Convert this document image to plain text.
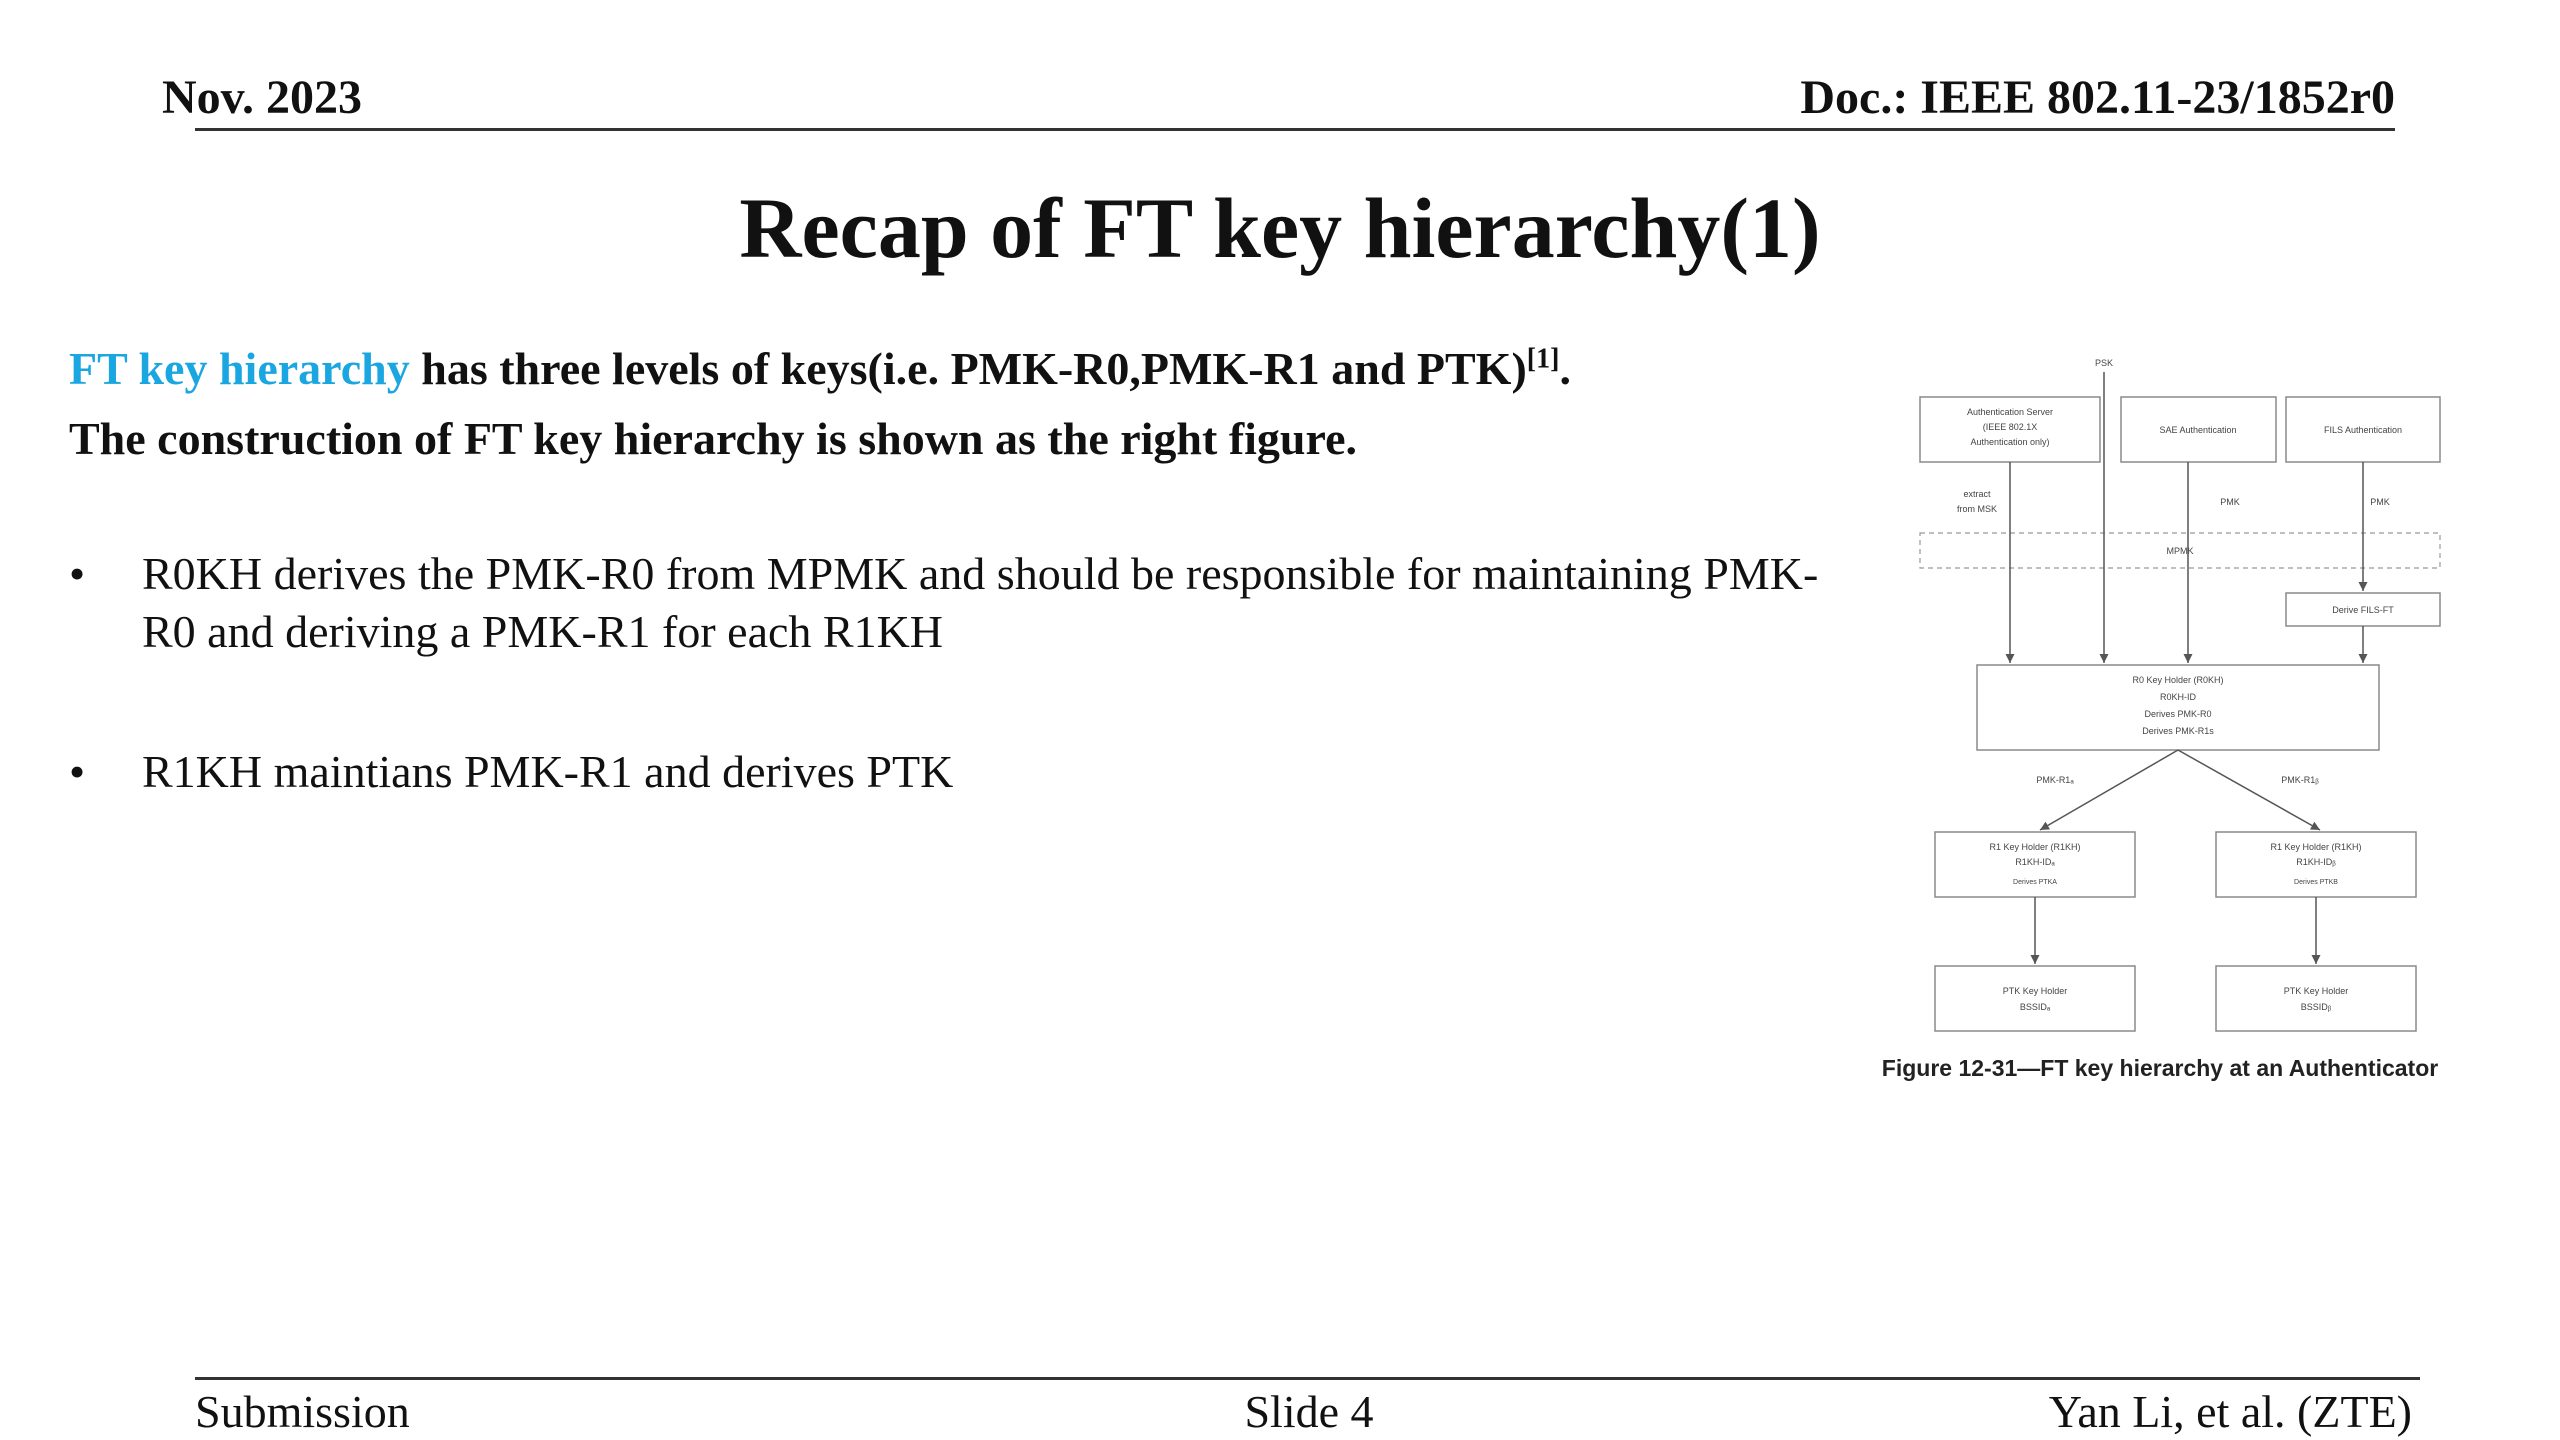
Nov. 2023	Doc.: IEEE 802.11-23/1852r0
Recap of FT key hierarchy(1)
FT key hierarchy has three levels of keys(i.e. PMK-R0,PMK-R1 and PTK)[1].
The construction of FT key hierarchy is shown as the right figure.
• R0KH derives the PMK-R0 from MPMK and should be responsible for maintaining PMK-R0 and deriving a PMK-R1 for each R1KH
• R1KH maintians PMK-R1 and derives PTK
PSK
Authentication Server
(IEEE 802.1X
Authentication only)
SAE Authentication	FILS Authentication
extract
from MSK
PMK	PMK
MPMK
Derive FILS-FT
R0 Key Holder (R0KH)
R0KH-ID
Derives PMK-R0
Derives PMK-R1s
PMK-R1ₐ	PMK-R1ᵦ
R1 Key Holder (R1KH)
R1KH-IDₐ
Derives PTKA
R1 Key Holder (R1KH)
R1KH-IDᵦ
Derives PTKB
PTK Key Holder
BSSIDₐ
PTK Key Holder
BSSIDᵦ
Figure 12-31—FT key hierarchy at an Authenticator
Submission	Slide 4	Yan Li, et al. (ZTE)
